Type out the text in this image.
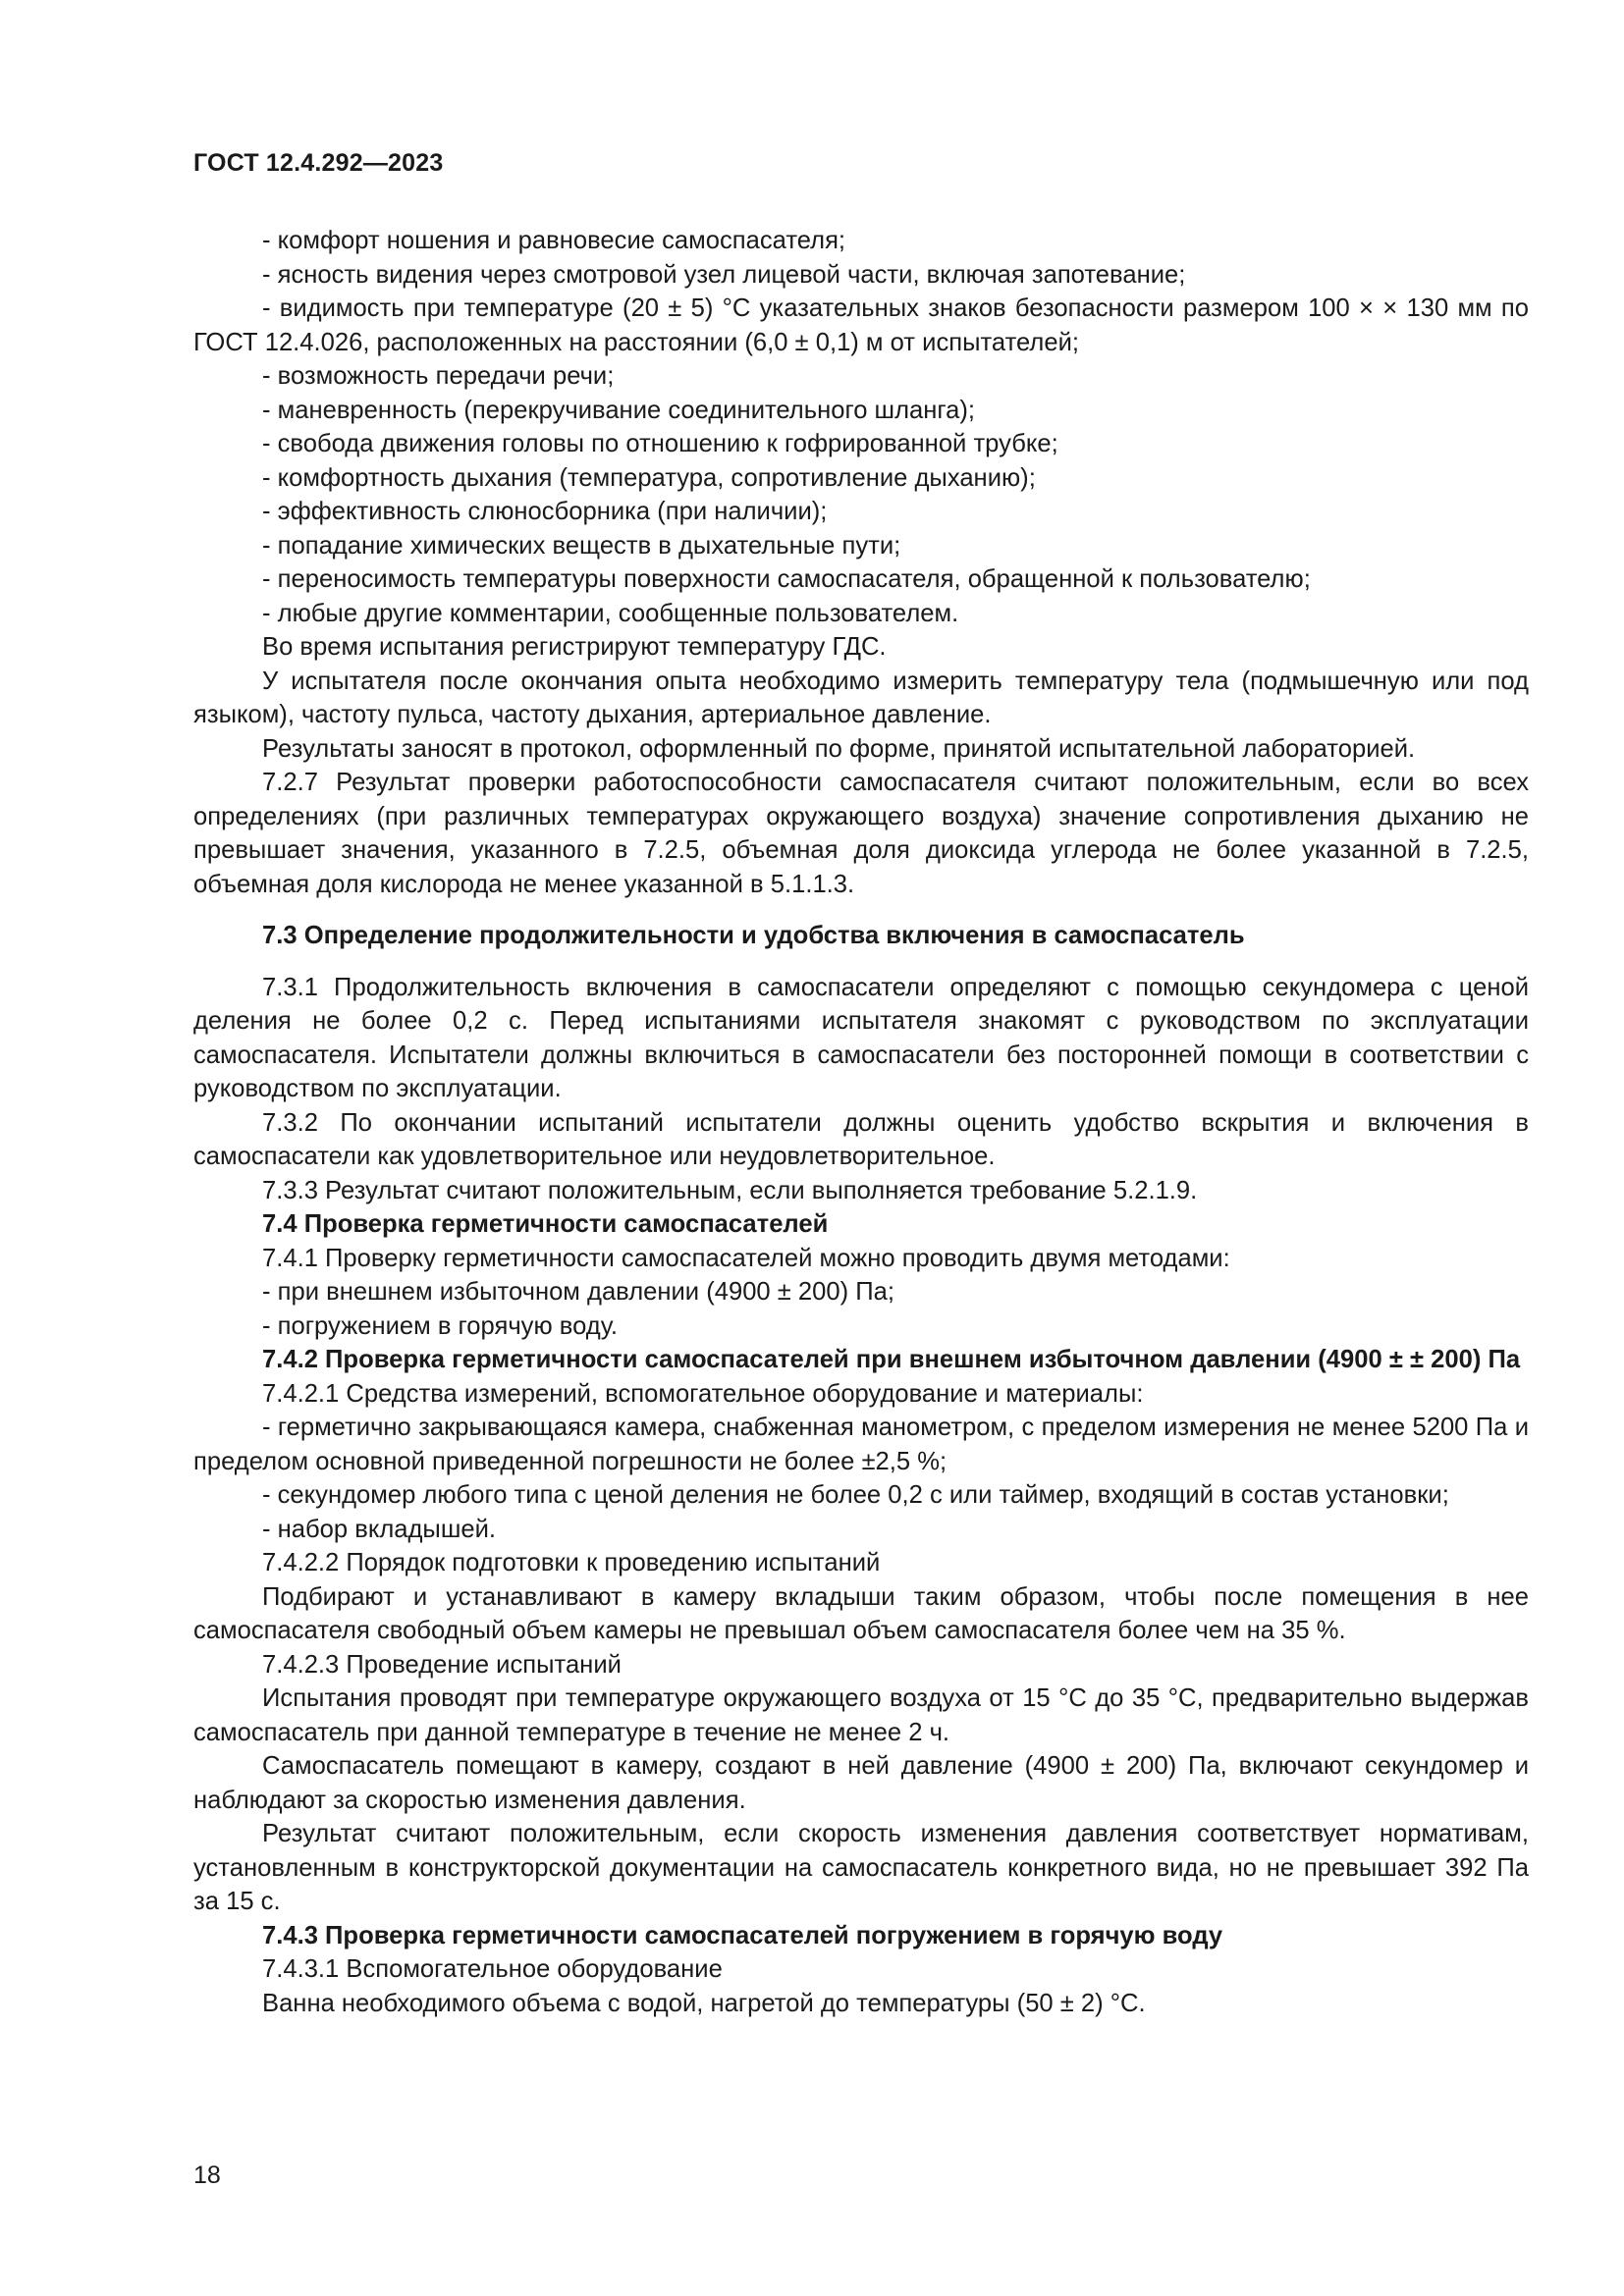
ГОСТ 12.4.292—2023

- комфорт ношения и равновесие самоспасателя;

- ясность видения через смотровой узел лицевой части, включая запотевание;

- видимость при температуре (20 ± 5) °С указательных знаков безопасности размером 100 × × 130 мм по ГОСТ 12.4.026, расположенных на расстоянии (6,0 ± 0,1) м от испытателей;

- возможность передачи речи;

- маневренность (перекручивание соединительного шланга);

- свобода движения головы по отношению к гофрированной трубке;

- комфортность дыхания (температура, сопротивление дыханию);

- эффективность слюносборника (при наличии);

- попадание химических веществ в дыхательные пути;

- переносимость температуры поверхности самоспасателя, обращенной к пользователю;

- любые другие комментарии, сообщенные пользователем.

Во время испытания регистрируют температуру ГДС.

У испытателя после окончания опыта необходимо измерить температуру тела (подмышечную или под языком), частоту пульса, частоту дыхания, артериальное давление.

Результаты заносят в протокол, оформленный по форме, принятой испытательной лабораторией.

7.2.7 Результат проверки работоспособности самоспасателя считают положительным, если во всех определениях (при различных температурах окружающего воздуха) значение сопротивления дыханию не превышает значения, указанного в 7.2.5, объемная доля диоксида углерода не более указанной в 7.2.5, объемная доля кислорода не менее указанной в 5.1.1.3.

7.3 Определение продолжительности и удобства включения в самоспасатель

7.3.1 Продолжительность включения в самоспасатели определяют с помощью секундомера с ценой деления не более 0,2 с. Перед испытаниями испытателя знакомят с руководством по эксплуатации самоспасателя. Испытатели должны включиться в самоспасатели без посторонней помощи в соответствии с руководством по эксплуатации.

7.3.2 По окончании испытаний испытатели должны оценить удобство вскрытия и включения в самоспасатели как удовлетворительное или неудовлетворительное.

7.3.3 Результат считают положительным, если выполняется требование 5.2.1.9.

7.4 Проверка герметичности самоспасателей

7.4.1 Проверку герметичности самоспасателей можно проводить двумя методами:

- при внешнем избыточном давлении (4900 ± 200) Па;

- погружением в горячую воду.

7.4.2 Проверка герметичности самоспасателей при внешнем избыточном давлении (4900 ± ± 200) Па

7.4.2.1 Средства измерений, вспомогательное оборудование и материалы:

- герметично закрывающаяся камера, снабженная манометром, с пределом измерения не менее 5200 Па и пределом основной приведенной погрешности не более ±2,5 %;

- секундомер любого типа с ценой деления не более 0,2 с или таймер, входящий в состав установки;

- набор вкладышей.

7.4.2.2 Порядок подготовки к проведению испытаний

Подбирают и устанавливают в камеру вкладыши таким образом, чтобы после помещения в нее самоспасателя свободный объем камеры не превышал объем самоспасателя более чем на 35 %.

7.4.2.3 Проведение испытаний

Испытания проводят при температуре окружающего воздуха от 15 °С до 35 °С, предварительно выдержав самоспасатель при данной температуре в течение не менее 2 ч.

Самоспасатель помещают в камеру, создают в ней давление (4900 ± 200) Па, включают секундомер и наблюдают за скоростью изменения давления.

Результат считают положительным, если скорость изменения давления соответствует нормативам, установленным в конструкторской документации на самоспасатель конкретного вида, но не превышает 392 Па за 15 с.

7.4.3 Проверка герметичности самоспасателей погружением в горячую воду

7.4.3.1 Вспомогательное оборудование

Ванна необходимого объема с водой, нагретой до температуры (50 ± 2) °С.

18
